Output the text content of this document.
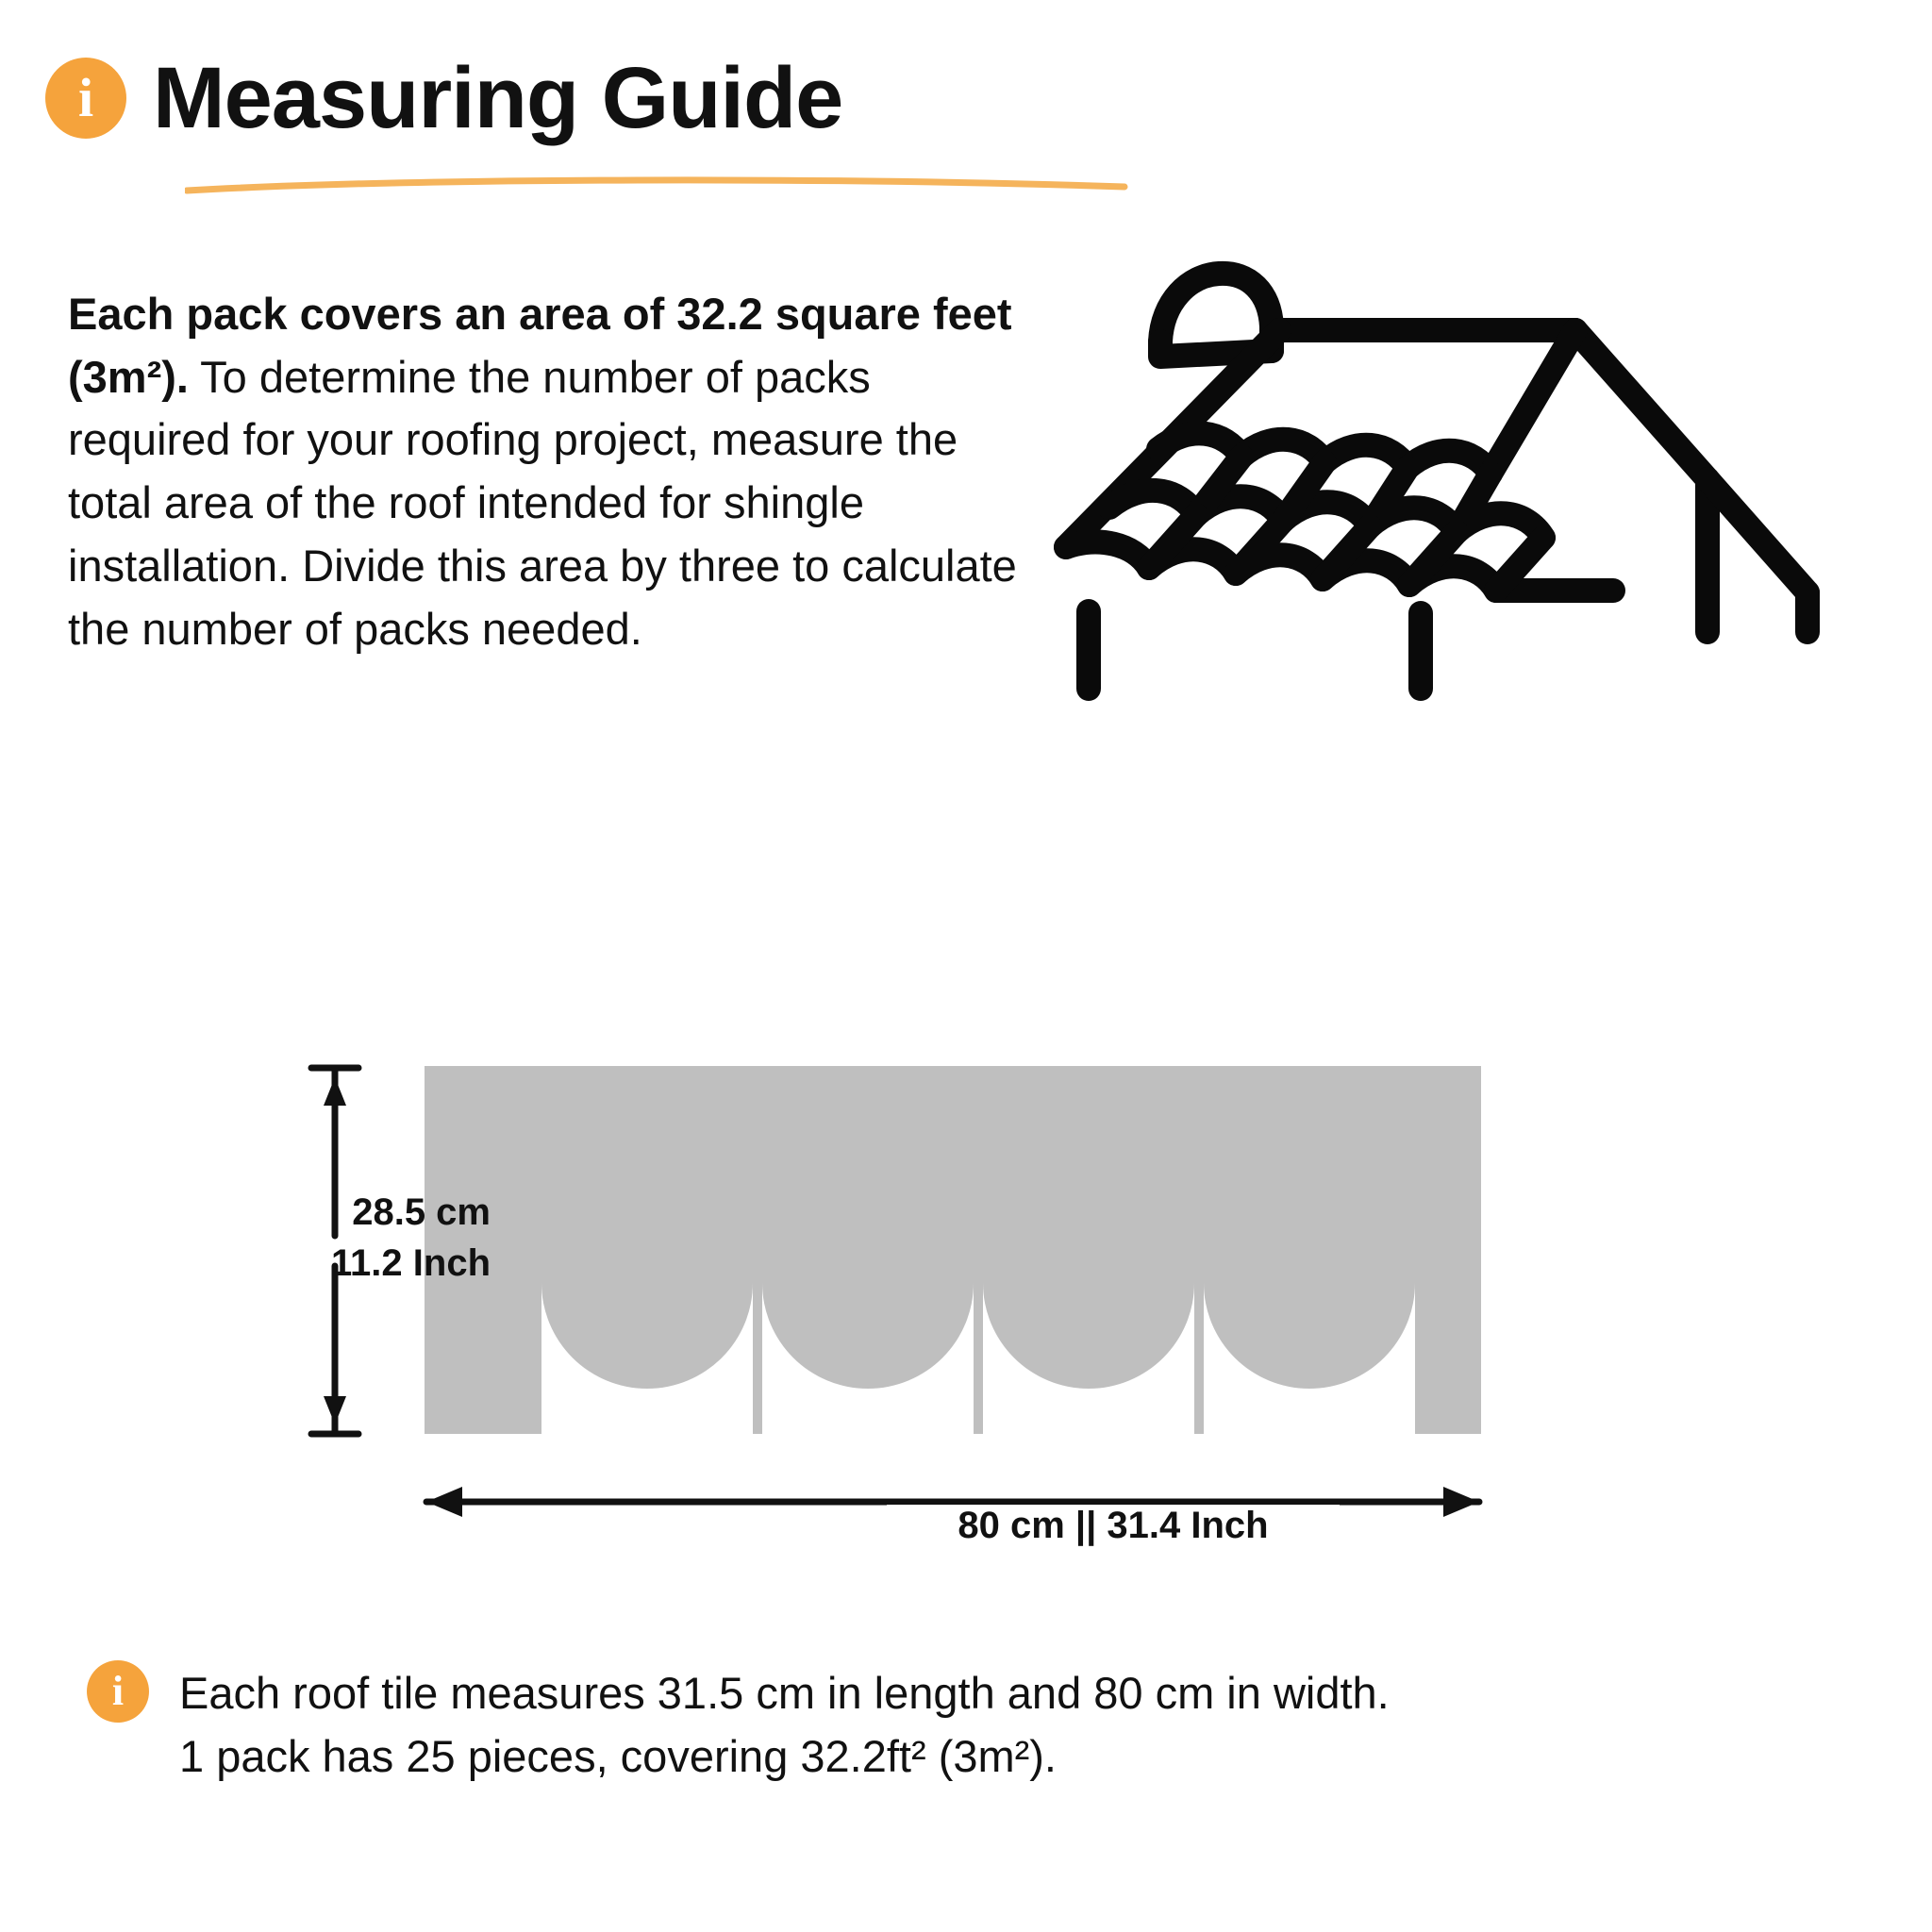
i Measuring Guide
Each pack covers an area of 32.2 square feet (3m²). To determine the number of packs required for your roofing project, measure the total area of the roof intended for shingle installation. Divide this area by three to calculate the number of packs needed.
28.5 cm
11.2 Inch
80 cm || 31.4 Inch
i	Each roof tile measures 31.5 cm in length and 80 cm in width.
1 pack has 25 pieces, covering 32.2ft² (3m²).
